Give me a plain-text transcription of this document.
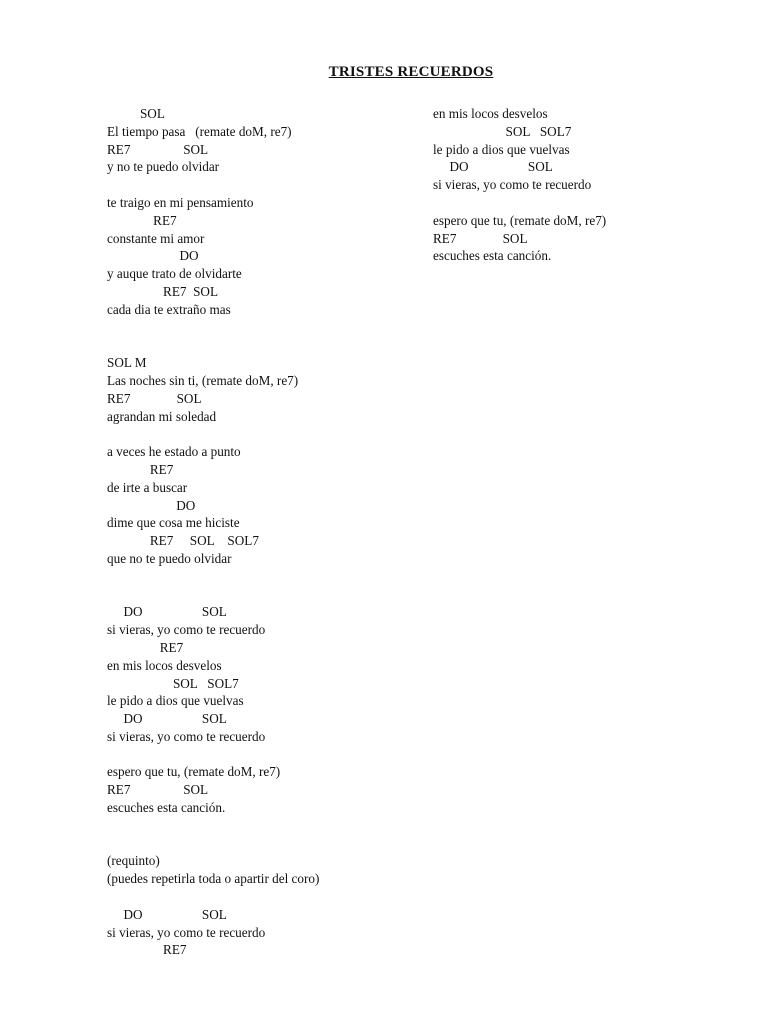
TRISTES RECUERDOS
SOL
El tiempo pasa   (remate doM, re7)
RE7                SOL
y no te puedo olvidar
te traigo en mi pensamiento
RE7
constante mi amor
DO
y auque trato de olvidarte
RE7  SOL
cada dia te extraño mas
SOL M
Las noches sin ti, (remate doM, re7)
RE7              SOL
agrandan mi soledad
a veces he estado a punto
RE7
de irte a buscar
DO
dime que cosa me hiciste
RE7     SOL    SOL7
que no te puedo olvidar
DO                  SOL
si vieras, yo como te recuerdo
RE7
en mis locos desvelos
SOL   SOL7
le pido a dios que vuelvas
DO                  SOL
si vieras, yo como te recuerdo
espero que tu, (remate doM, re7)
RE7                SOL
escuches esta canción.
(requinto)
(puedes repetirla toda o apartir del coro)
DO                  SOL
si vieras, yo como te recuerdo
RE7
en mis locos desvelos
SOL   SOL7
le pido a dios que vuelvas
DO                  SOL
si vieras, yo como te recuerdo
espero que tu, (remate doM, re7)
RE7              SOL
escuches esta canción.
